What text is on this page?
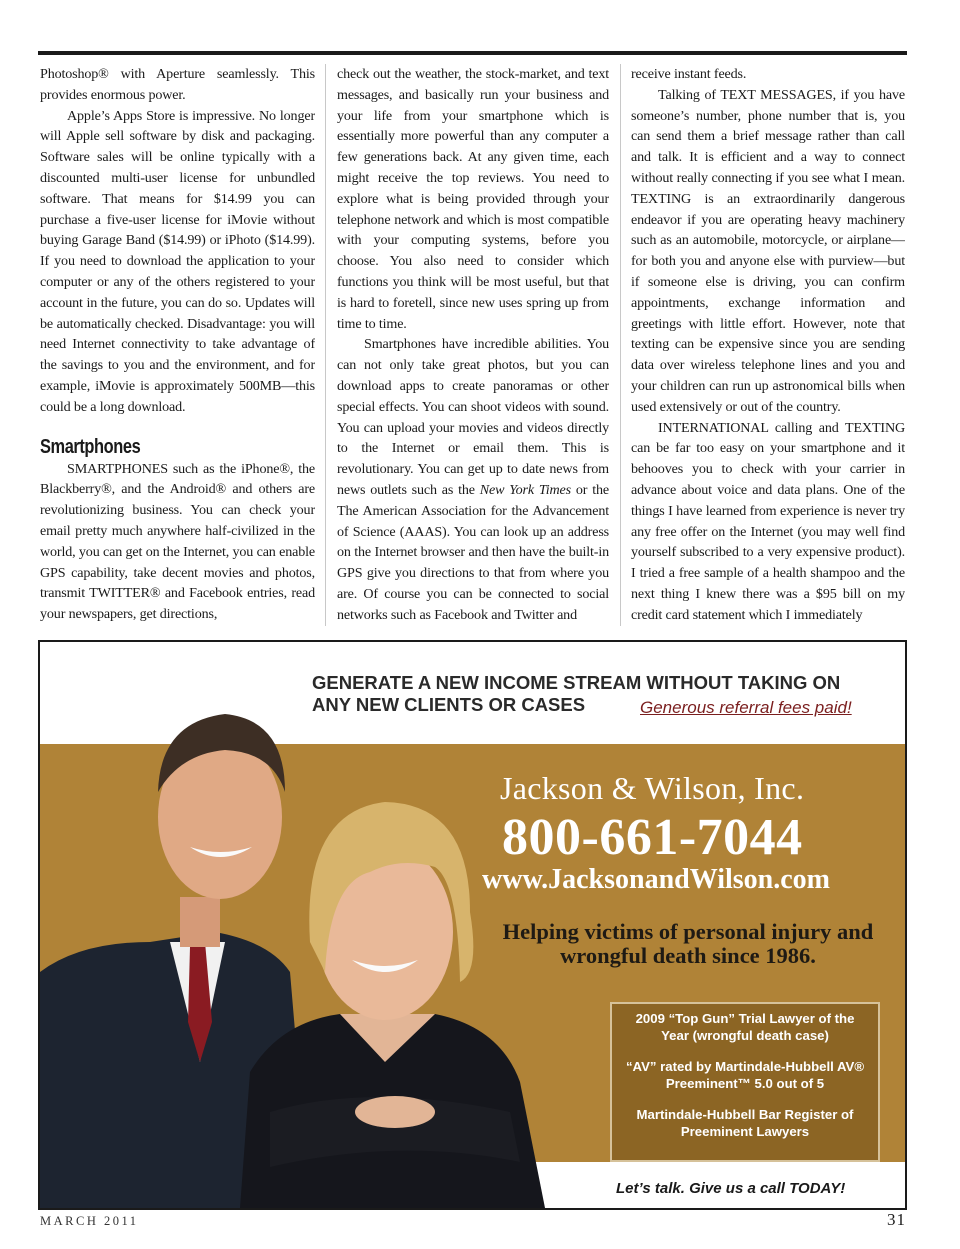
Photoshop® with Aperture seamlessly. This provides enormous power.

Apple’s Apps Store is impressive. No longer will Apple sell software by disk and packaging. Software sales will be online typically with a discounted multi-user license for unbundled software. That means for $14.99 you can purchase a five-user license for iMovie without buying Garage Band ($14.99) or iPhoto ($14.99). If you need to download the application to your computer or any of the others registered to your account in the future, you can do so. Updates will be automatically checked. Disadvantage: you will need Internet connectivity to take advantage of the savings to you and the environment, and for example, iMovie is approximately 500MB—this could be a long download.

Smartphones

SMARTPHONES such as the iPhone®, the Blackberry®, and the Android® and others are revolutionizing business. You can check your email pretty much anywhere half-civilized in the world, you can get on the Internet, you can enable GPS capability, take decent movies and photos, transmit TWITTER® and Facebook entries, read your newspapers, get directions,

check out the weather, the stock-market, and text messages, and basically run your business and your life from your smartphone which is essentially more powerful than any computer a few generations back. At any given time, each might receive the top reviews. You need to explore what is being provided through your telephone network and which is most compatible with your computing systems, before you choose. You also need to consider which functions you think will be most useful, but that is hard to foretell, since new uses spring up from time to time.

Smartphones have incredible abilities. You can not only take great photos, but you can download apps to create panoramas or other special effects. You can shoot videos with sound. You can upload your movies and videos directly to the Internet or email them. This is revolutionary. You can get up to date news from news outlets such as the New York Times or the The American Association for the Advancement of Science (AAAS). You can look up an address on the Internet browser and then have the built-in GPS give you directions to that from where you are. Of course you can be connected to social networks such as Facebook and Twitter and

receive instant feeds.

Talking of TEXT MESSAGES, if you have someone’s number, phone number that is, you can send them a brief message rather than call and talk. It is efficient and a way to connect without really connecting if you see what I mean. TEXTING is an extraordinarily dangerous endeavor if you are operating heavy machinery such as an automobile, motorcycle, or airplane—for both you and anyone else with purview—but if someone else is driving, you can confirm appointments, exchange information and greetings with little effort. However, note that texting can be expensive since you are sending data over wireless telephone lines and you and your children can run up astronomical bills when used extensively or out of the country.

INTERNATIONAL calling and TEXTING can be far too easy on your smartphone and it behooves you to check with your carrier in advance about voice and data plans. One of the things I have learned from experience is never try any free offer on the Internet (you may well find yourself subscribed to a very expensive product). I tried a free sample of a health shampoo and the next thing I knew there was a $95 bill on my credit card statement which I immediately

GENERATE A NEW INCOME STREAM WITHOUT TAKING ON ANY NEW CLIENTS OR CASES	Generous referral fees paid!
Jackson & Wilson, Inc.
800-661-7044
www.JacksonandWilson.com
Helping victims of personal injury and wrongful death since 1986.
2009 “Top Gun” Trial Lawyer of the Year (wrongful death case)
“AV” rated by Martindale-Hubbell AV® Preeminent™ 5.0 out of 5
Martindale-Hubbell Bar Register of Preeminent Lawyers
Let’s talk. Give us a call TODAY!
MARCH 2011	31
